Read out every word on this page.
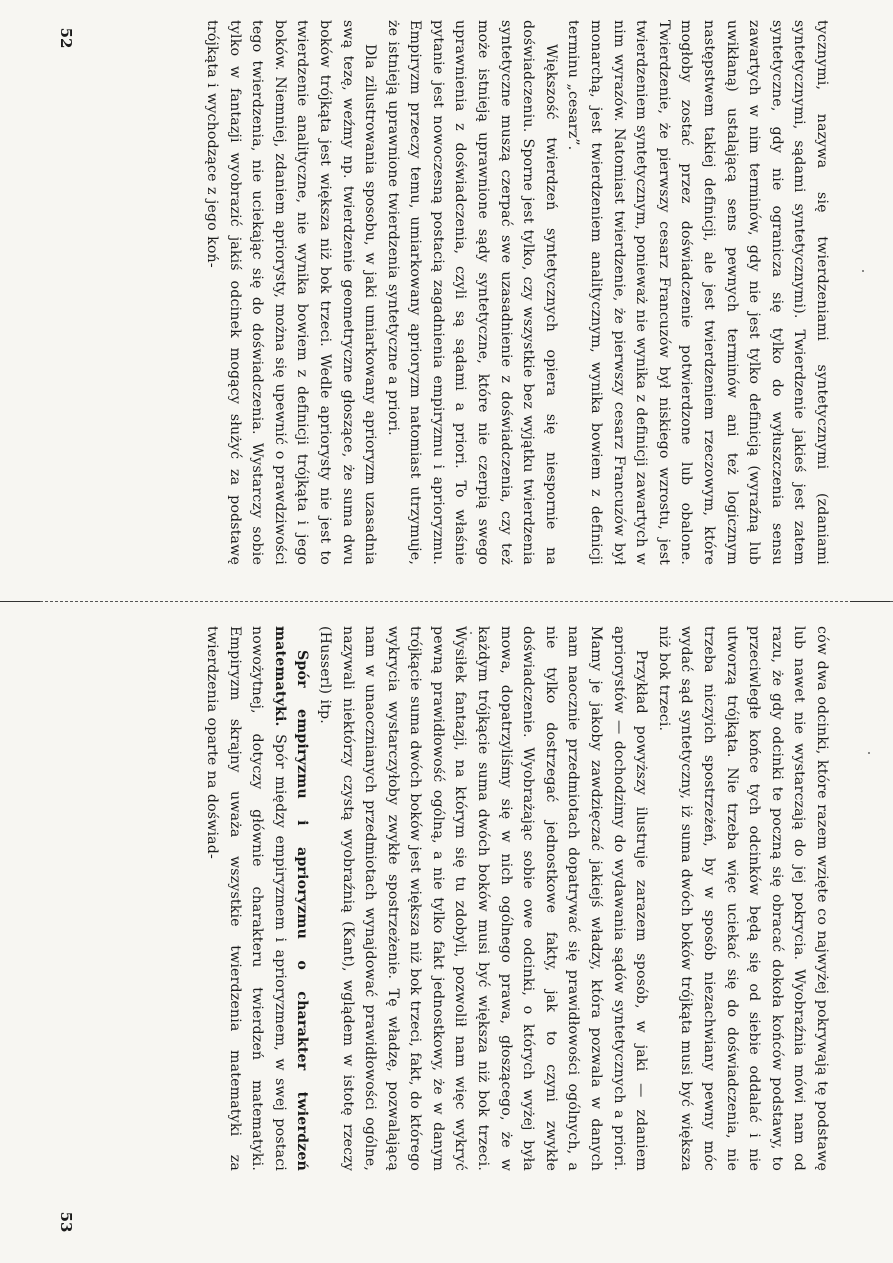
tycznymi, nazywa się twierdzeniami syntetycznymi (zdaniami syntetycznymi, sądami syntetycznymi). Twierdzenie jakieś jest zatem syntetyczne, gdy nie ogranicza się tylko do wyłuszczenia sensu zawartych w nim terminów, gdy nie jest tylko definicją (wyraźną lub uwikłaną) ustalającą sens pewnych terminów ani też logicznym następstwem takiej definicji, ale jest twierdzeniem rzeczowym, które mogłoby zostać przez doświadczenie potwierdzone lub obalone. Twierdzenie, że pierwszy cesarz Francuzów był niskiego wzrostu, jest twierdzeniem syntetycznym, ponieważ nie wynika z definicji zawartych w nim wyrazów. Natomiast twierdzenie, że pierwszy cesarz Francuzów był monarchą, jest twierdzeniem analitycznym, wynika bowiem z definicji terminu „cesarz”.

Większość twierdzeń syntetycznych opiera się niespornie na doświadczeniu. Sporne jest tylko, czy wszystkie bez wyjątku twierdzenia syntetyczne muszą czerpać swe uzasadnienie z doświadczenia, czy też może istnieją uprawnione sądy syntetyczne, które nie czerpią swego uprawnienia z doświadczenia, czyli są sądami a priori. To właśnie pytanie jest nowoczesną postacią zagadnienia empiryzmu i aprioryzmu. Empiryzm przeczy temu, umiarkowany aprioryzm natomiast utrzymuje, że istnieją uprawnione twierdzenia syntetyczne a priori.

Dla zilustrowania sposobu, w jaki umiarkowany aprioryzm uzasadnia swą tezę, weźmy np. twierdzenie geometryczne głoszące, że suma dwu boków trójkąta jest większa niż bok trzeci. Wedle apriorysty nie jest to twierdzenie analityczne, nie wynika bowiem z definicji trójkąta i jego boków. Niemniej, zdaniem apriorysty, można się upewnić o prawdziwości tego twierdzenia, nie uciekając się do doświadczenia. Wystarczy sobie tylko w fantazji wyobrazić jakiś odcinek mogący służyć za podstawę trójkąta i wychodzące z jego koń-

ców dwa odcinki, które razem wzięte co najwyżej pokrywają tę podstawę lub nawet nie wystarczają do jej pokrycia. Wyobraźnia mówi nam od razu, że gdy odcinki te poczną się obracać dokoła końców podstawy, to przeciwległe końce tych odcinków będą się od siebie oddalać i nie utworzą trójkąta. Nie trzeba więc uciekać się do doświadczenia, nie trzeba niczyich spostrzeżeń, by w sposób niezachwiany pewny móc wydać sąd syntetyczny, iż suma dwóch boków trójkąta musi być większa niż bok trzeci.

Przykład powyższy ilustruje zarazem sposób, w jaki — zdaniem apriorystów — dochodzimy do wydawania sądów syntetycznych a priori. Mamy je jakoby zawdzięczać jakiejś władzy, która pozwala w danych nam naocznie przedmiotach dopatrywać się prawidłowości ogólnych, a nie tylko dostrzegać jednostkowe fakty, jak to czyni zwykłe doświadczenie. Wyobrażając sobie owe odcinki, o których wyżej była mowa, dopatrzyliśmy się w nich ogólnego prawa, głoszącego, że w każdym trójkącie suma dwóch boków musi być większa niż bok trzeci. Wysiłek fantazji, na którym się tu zdobyli, pozwolił nam więc wykryć pewną prawidłowość ogólną, a nie tylko fakt jednostkowy, że w danym trójkącie suma dwóch boków jest większa niż bok trzeci, fakt, do którego wykrycia wystarczyłoby zwykłe spostrzeżenie. Tę władzę, pozwalającą nam w unaocznianych przedmiotach wynajdować prawidłowości ogólne, nazywali niektórzy czystą wyobraźnią (Kant), wglądem w istotę rzeczy (Husserl) itp.

Spór empiryzmu i aprioryzmu o charakter twierdzeń matematyki. Spór między empiryzmem i aprioryzmem, w swej postaci nowożytnej, dotyczy głównie charakteru twierdzeń matematyki. Empiryzm skrajny uważa wszystkie twierdzenia matematyki za twierdzenia oparte na doświad-

52
53
